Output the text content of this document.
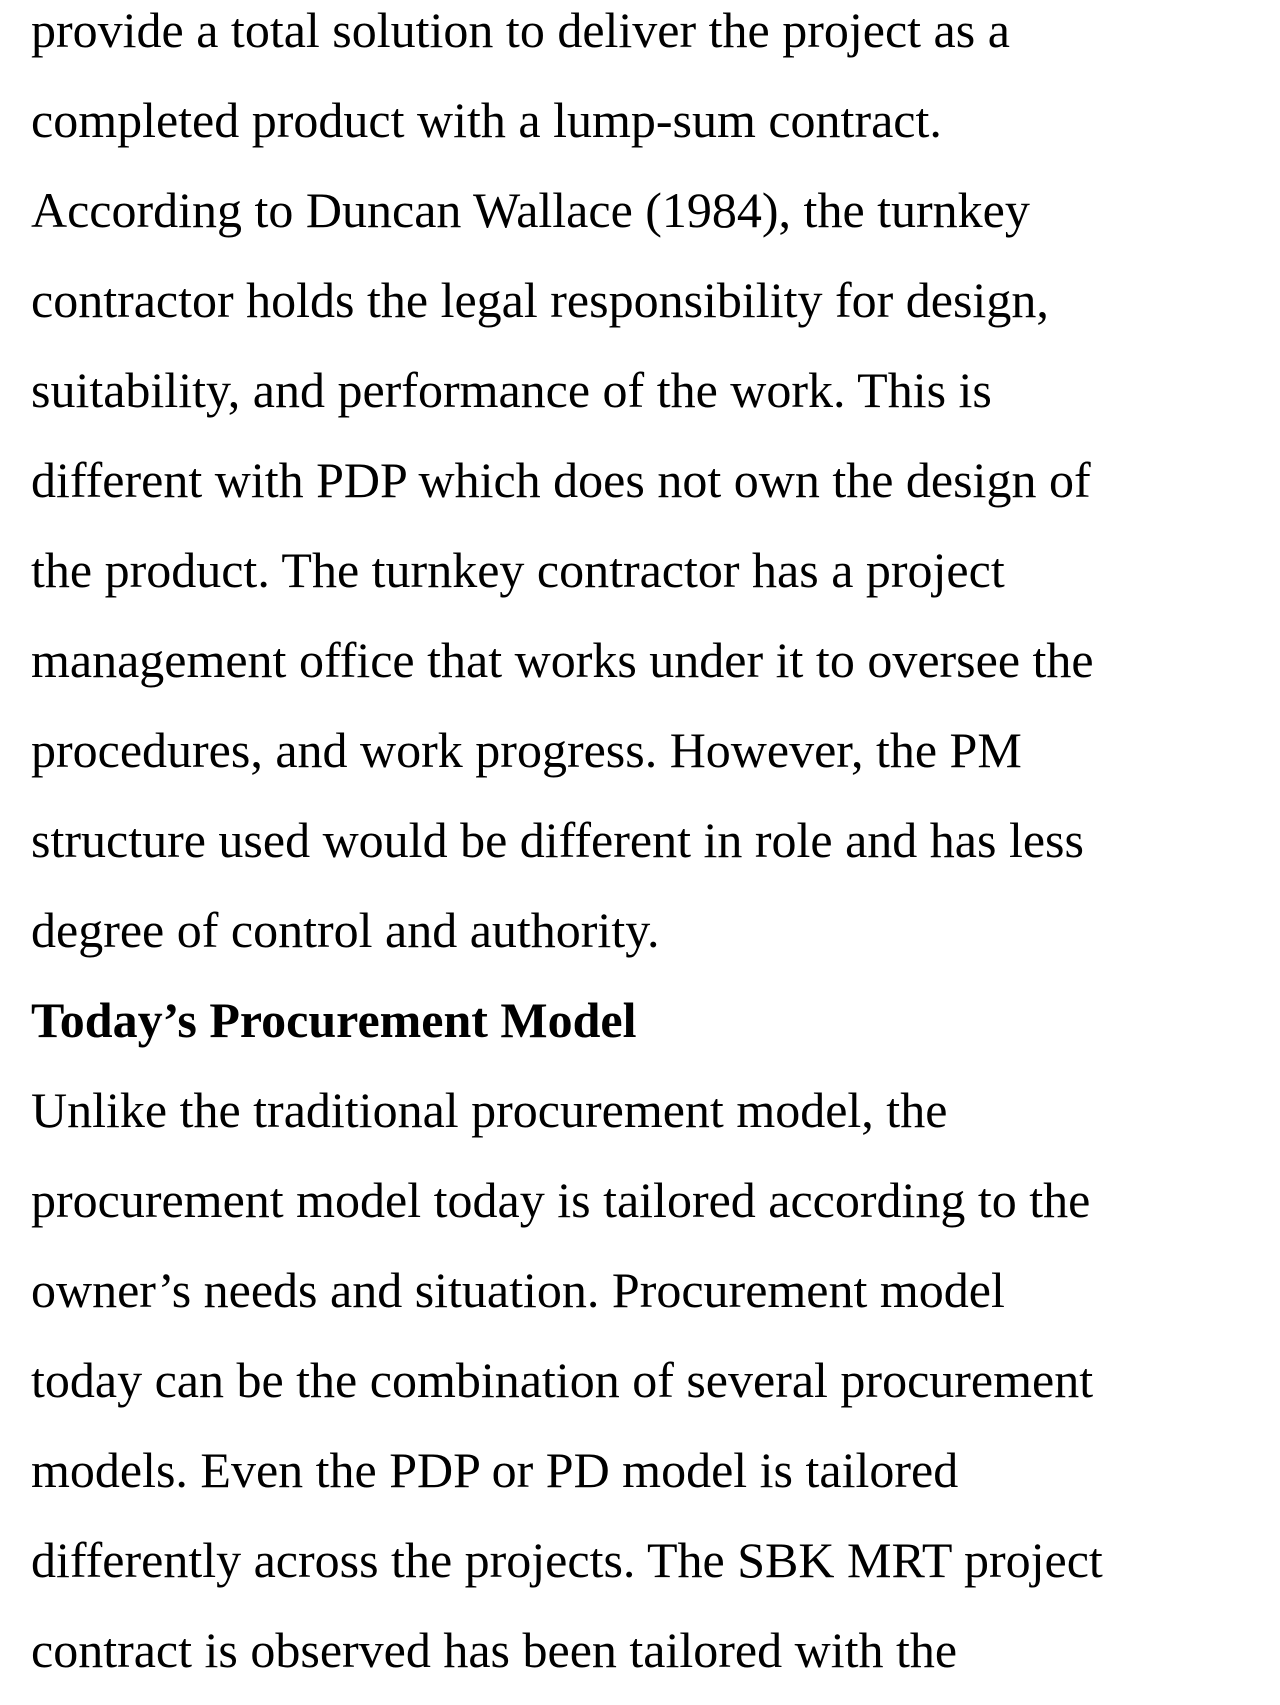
provide a total solution to deliver the project as a
completed product with a lump-sum contract.
According to Duncan Wallace (1984), the turnkey
contractor holds the legal responsibility for design,
suitability, and performance of the work. This is
different with PDP which does not own the design of
the product. The turnkey contractor has a project
management office that works under it to oversee the
procedures, and work progress. However, the PM
structure used would be different in role and has less
degree of control and authority.
Today’s Procurement Model
Unlike the traditional procurement model, the
procurement model today is tailored according to the
owner’s needs and situation. Procurement model
today can be the combination of several procurement
models. Even the PDP or PD model is tailored
differently across the projects. The SBK MRT project
contract is observed has been tailored with the
